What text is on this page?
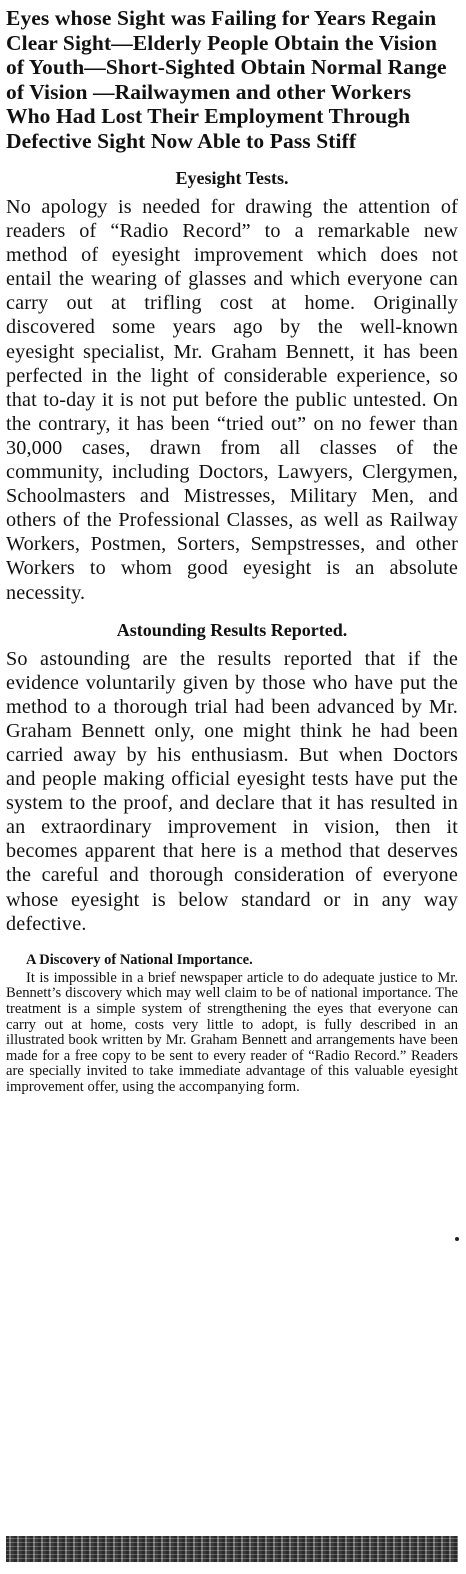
Eyes whose Sight was Failing for Years Regain Clear Sight—Elderly People Obtain the Vision of Youth—Short-Sighted Obtain Normal Range of Vision —Railwaymen and other Workers Who Had Lost Their Employment Through Defective Sight Now Able to Pass Stiff
Eyesight Tests.

No apology is needed for drawing the attention of readers of “Radio Record” to a remarkable new method of eyesight improvement which does not entail the wearing of glasses and which everyone can carry out at trifling cost at home. Originally discovered some years ago by the well-known eyesight specialist, Mr. Graham Bennett, it has been perfected in the light of considerable experience, so that to-day it is not put before the public untested. On the contrary, it has been “tried out” on no fewer than 30,000 cases, drawn from all classes of the community, including Doctors, Lawyers, Clergymen, Schoolmasters and Mistresses, Military Men, and others of the Professional Classes, as well as Railway Workers, Postmen, Sorters, Sempstresses, and other Workers to whom good eyesight is an absolute necessity.

Astounding Results Reported.

So astounding are the results reported that if the evidence voluntarily given by those who have put the method to a thorough trial had been advanced by Mr. Graham Bennett only, one might think he had been carried away by his enthusiasm. But when Doctors and people making official eyesight tests have put the system to the proof, and declare that it has resulted in an extraordinary improvement in vision, then it becomes apparent that here is a method that deserves the careful and thorough consideration of everyone whose eyesight is below standard or in any way defective.

A Discovery of National Importance.

It is impossible in a brief newspaper article to do adequate justice to Mr. Bennett’s discovery which may well claim to be of national importance. The treatment is a simple system of strengthening the eyes that everyone can carry out at home, costs very little to adopt, is fully described in an illustrated book written by Mr. Graham Bennett and arrangements have been made for a free copy to be sent to every reader of “Radio Record.” Readers are specially invited to take immediate advantage of this valuable eyesight improvement offer, using the accompanying form.
